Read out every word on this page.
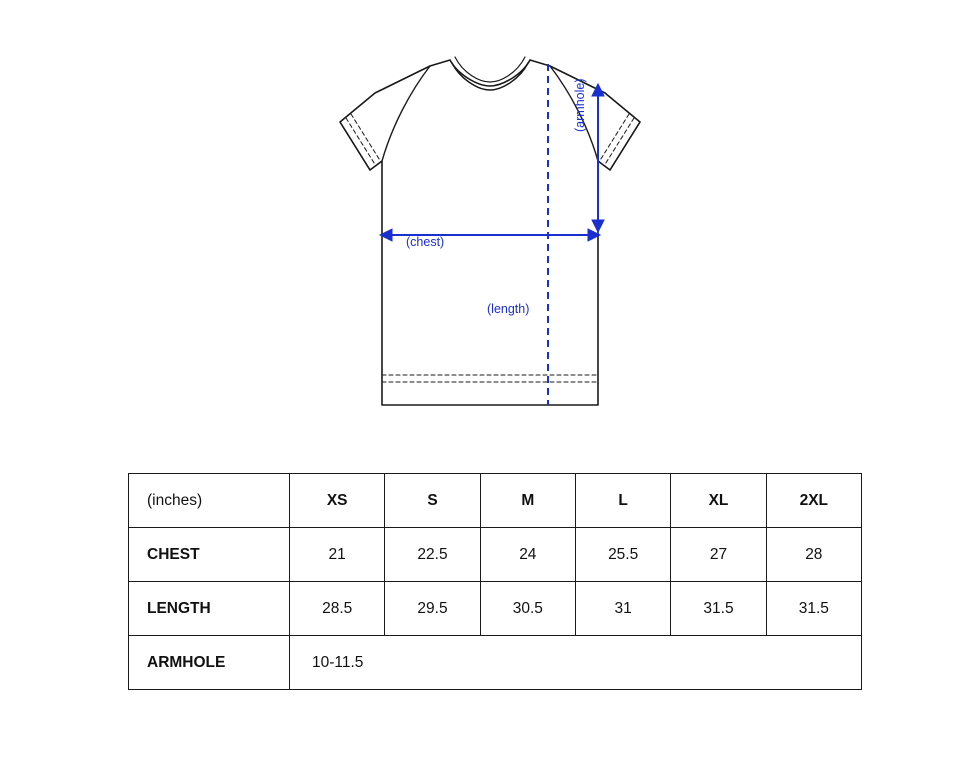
(chest)
(length)
(armhole)
(inches)	XS	S	M	L	XL	2XL
CHEST	21	22.5	24	25.5	27	28
LENGTH	28.5	29.5	30.5	31	31.5	31.5
ARMHOLE	10-11.5					
